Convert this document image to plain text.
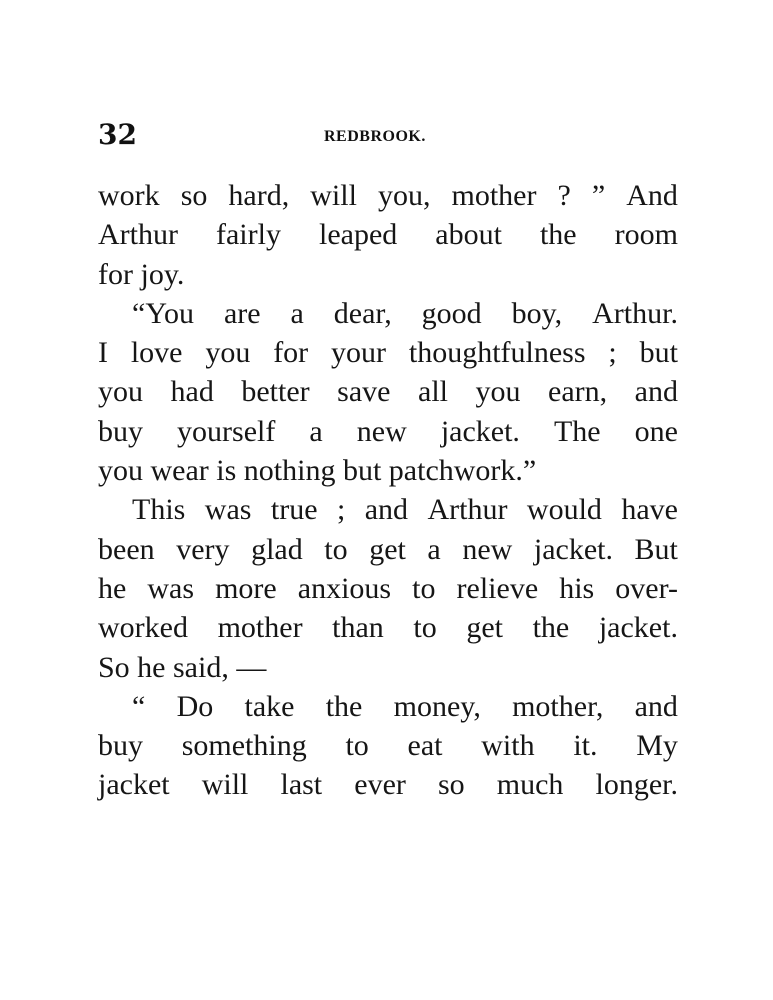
32	REDBROOK.
work so hard, will you, mother ? ” And
Arthur fairly leaped about the room
for joy.
“You are a dear, good boy, Arthur.
I love you for your thoughtfulness ; but
you had better save all you earn, and
buy yourself a new jacket. The one
you wear is nothing but patchwork.”
This was true ; and Arthur would have
been very glad to get a new jacket. But
he was more anxious to relieve his over-
worked mother than to get the jacket.
So he said, —
“ Do take the money, mother, and
buy something to eat with it. My
jacket will last ever so much longer.
